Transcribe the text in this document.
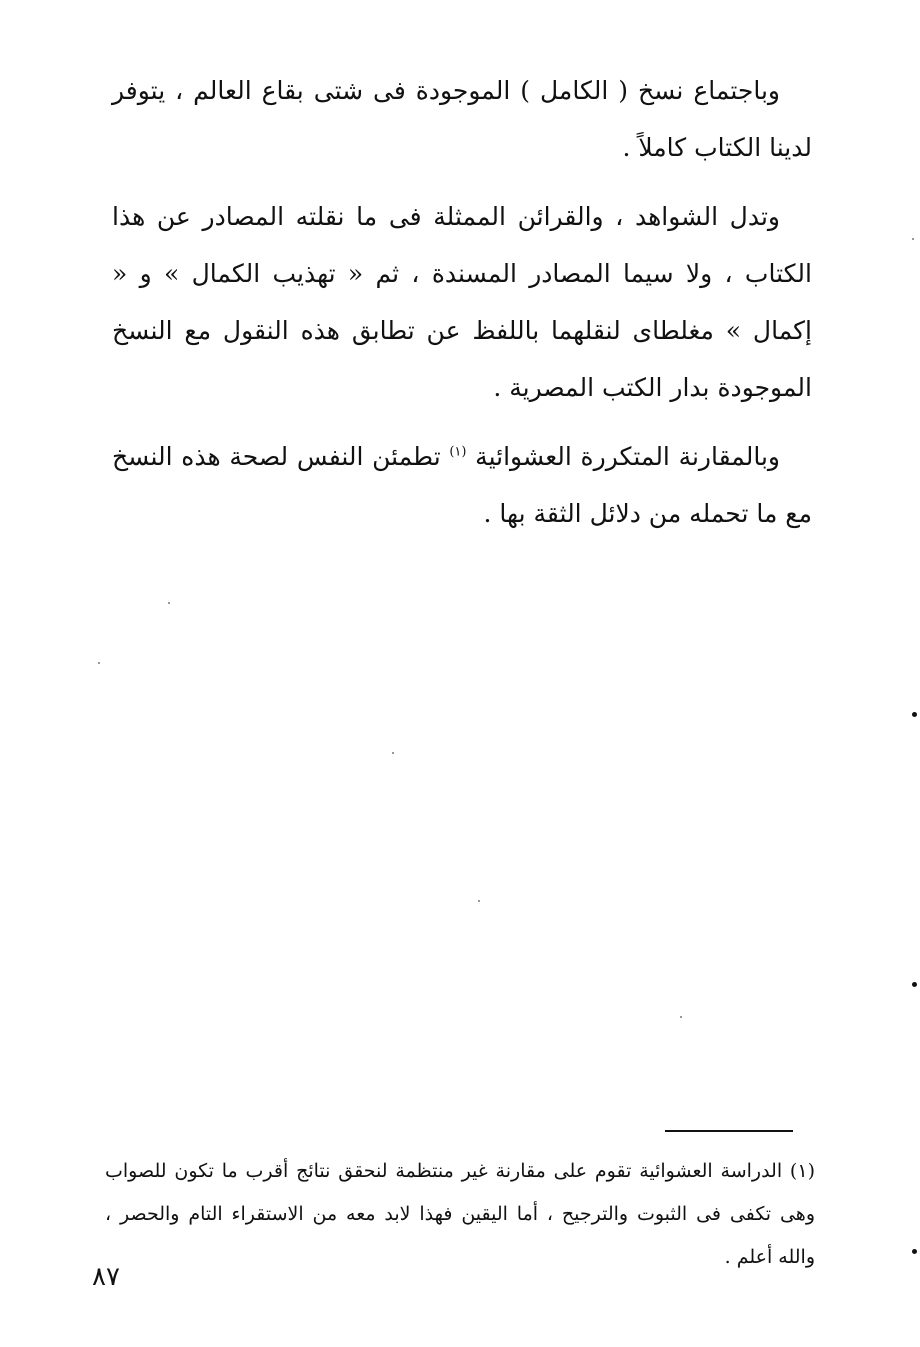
وباجتماع نسخ ( الكامل ) الموجودة فى شتى بقاع العالم ، يتوفر لدينا الكتاب كاملاً .

وتدل الشواهد ، والقرائن الممثلة فى ما نقلته المصادر عن هذا الكتاب ، ولا سيما المصادر المسندة ، ثم « تهذيب الكمال » و « إكمال » مغلطاى لنقلهما باللفظ عن تطابق هذه النقول مع النسخ الموجودة بدار الكتب المصرية .

وبالمقارنة المتكررة العشوائية $^{(١)}$ تطمئن النفس لصحة هذه النسخ مع ما تحمله من دلائل الثقة بها .

(١) الدراسة العشوائية تقوم على مقارنة غير منتظمة لنحقق نتائج أقرب ما تكون للصواب وهى تكفى فى الثبوت والترجيح ، أما اليقين فهذا لابد معه من الاستقراء التام والحصر ، والله أعلم .

٨٧
